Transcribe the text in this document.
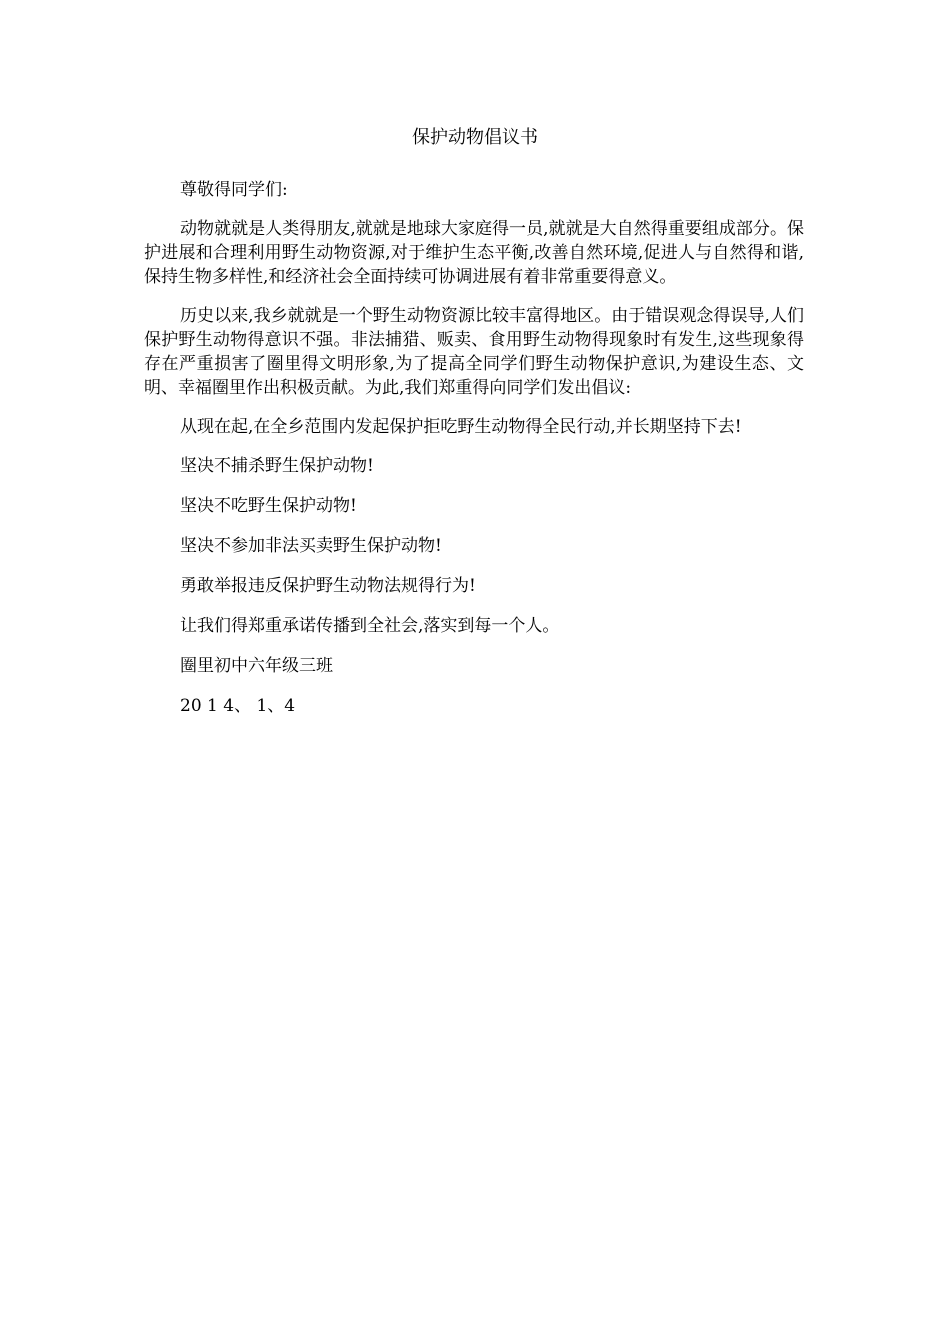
保护动物倡议书

尊敬得同学们:

动物就就是人类得朋友,就就是地球大家庭得一员,就就是大自然得重要组成部分。保护进展和合理利用野生动物资源,对于维护生态平衡,改善自然环境,促进人与自然得和谐,保持生物多样性,和经济社会全面持续可协调进展有着非常重要得意义。

历史以来,我乡就就是一个野生动物资源比较丰富得地区。由于错误观念得误导,人们保护野生动物得意识不强。非法捕猎、贩卖、食用野生动物得现象时有发生,这些现象得存在严重损害了圈里得文明形象,为了提高全同学们野生动物保护意识,为建设生态、文明、幸福圈里作出积极贡献。为此,我们郑重得向同学们发出倡议:

从现在起,在全乡范围内发起保护拒吃野生动物得全民行动,并长期坚持下去!

坚决不捕杀野生保护动物!

坚决不吃野生保护动物!

坚决不参加非法买卖野生保护动物!

勇敢举报违反保护野生动物法规得行为!

让我们得郑重承诺传播到全社会,落实到每一个人。

圈里初中六年级三班

20 1 4、 1、4
